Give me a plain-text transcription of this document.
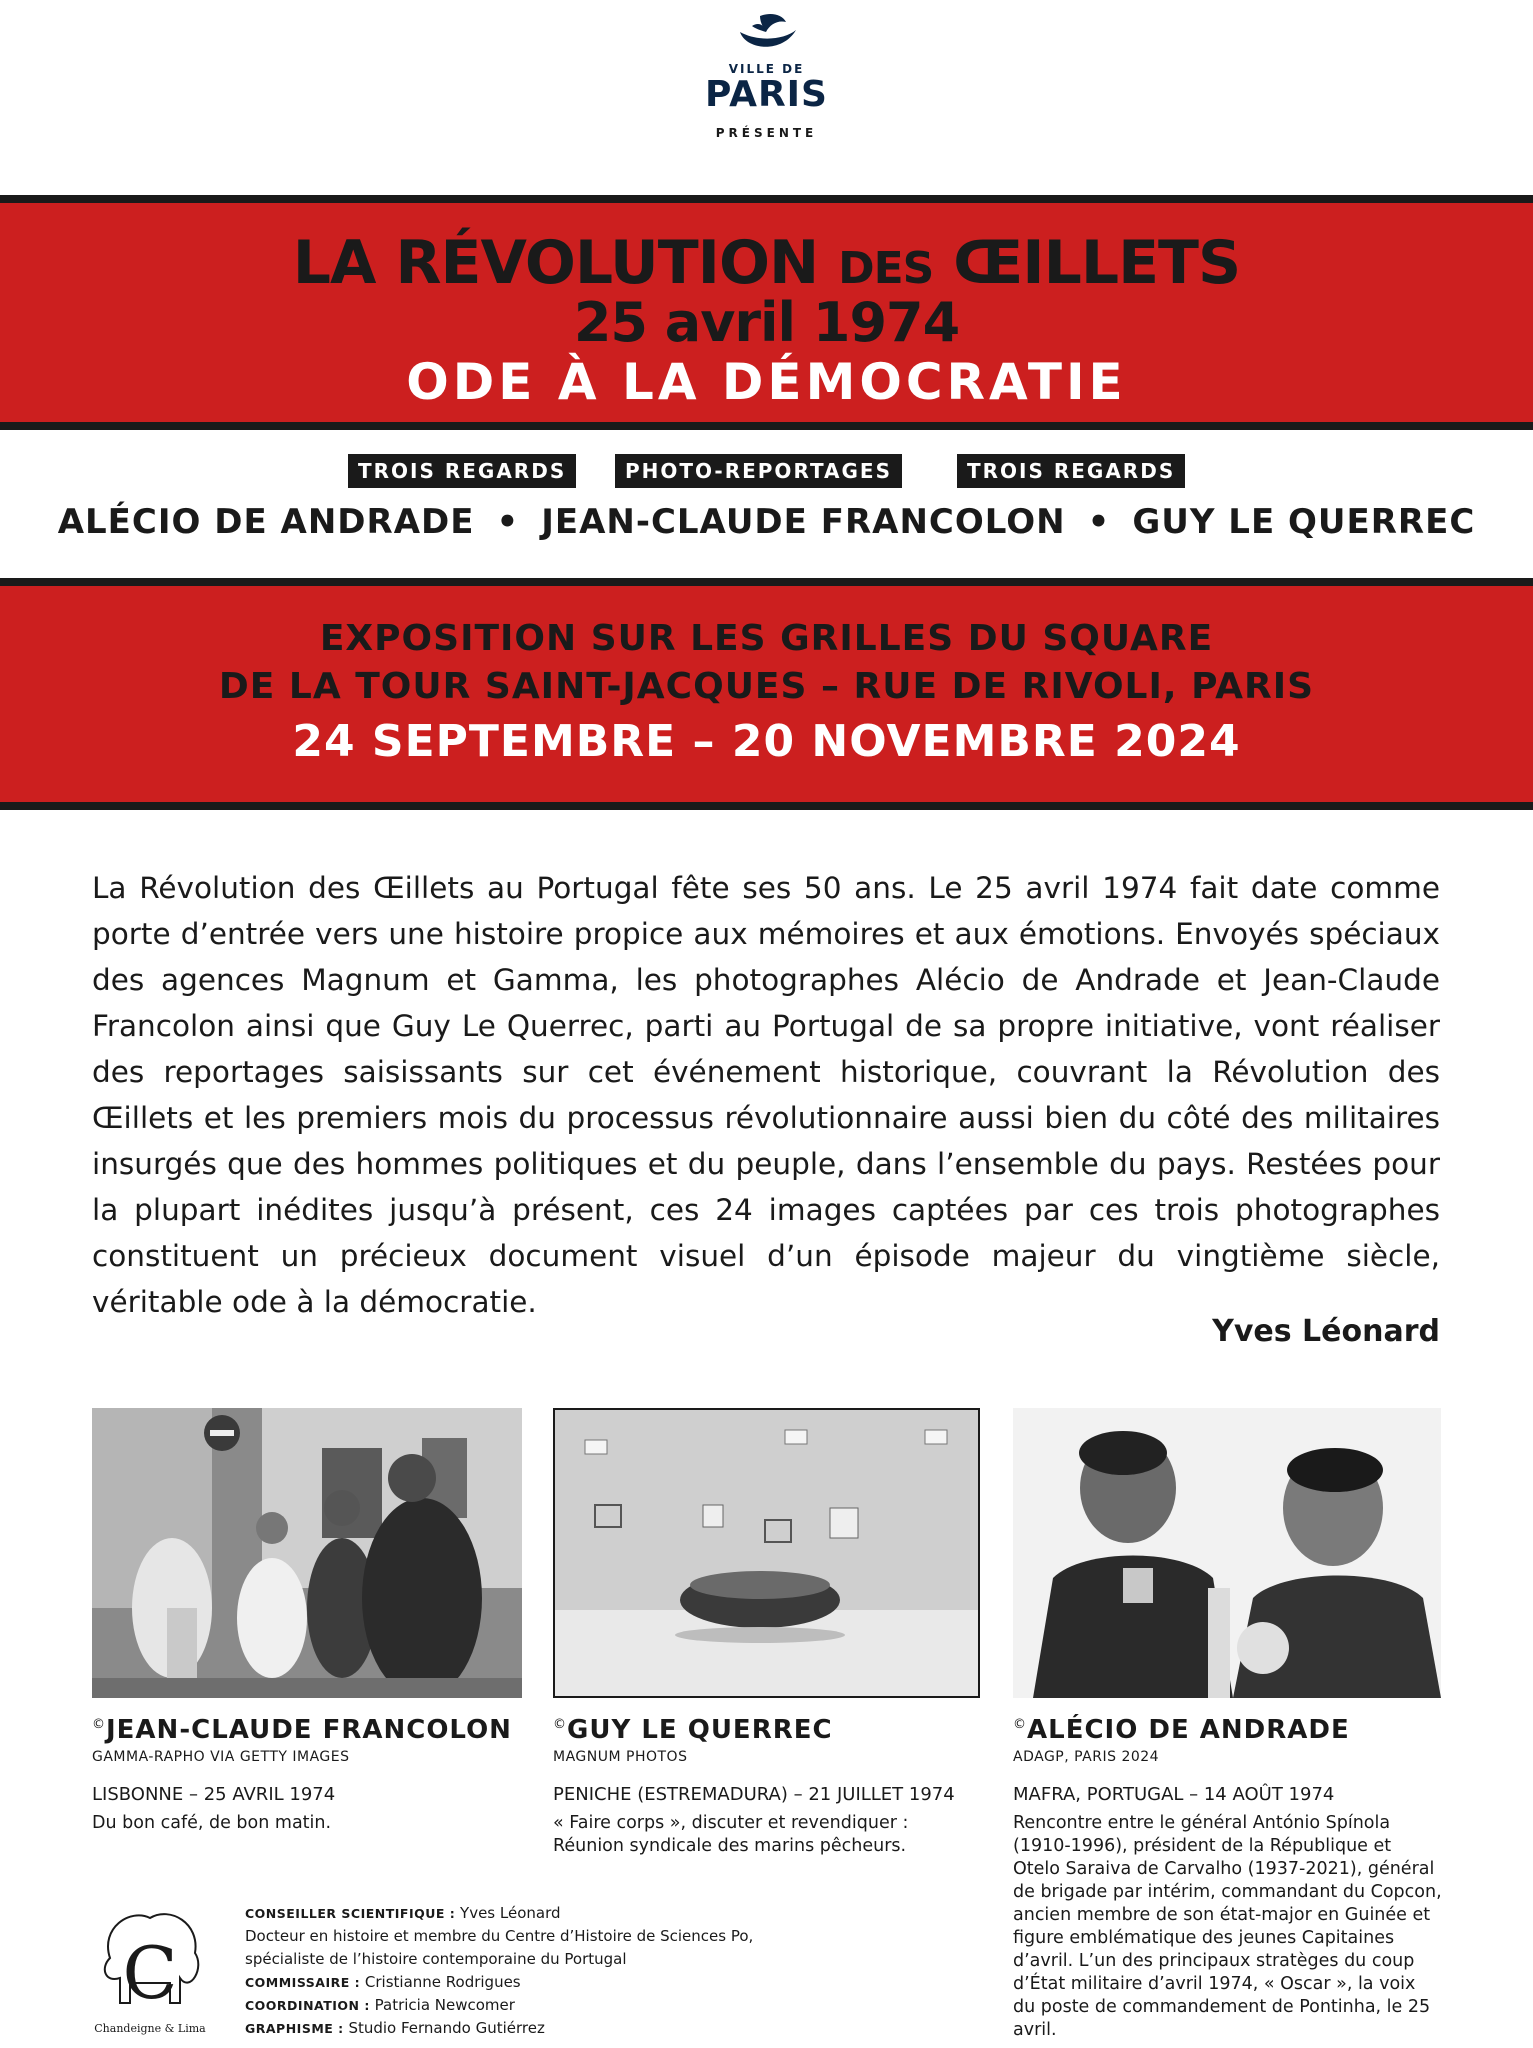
VILLE DE
PARIS
PRÉSENTE
LA RÉVOLUTION DES ŒILLETS
25 avril 1974
ODE À LA DÉMOCRATIE
TROIS REGARDS	PHOTO-REPORTAGES	TROIS REGARDS
ALÉCIO DE ANDRADE • JEAN-CLAUDE FRANCOLON • GUY LE QUERREC
EXPOSITION SUR LES GRILLES DU SQUARE
DE LA TOUR SAINT-JACQUES – RUE DE RIVOLI, PARIS
24 SEPTEMBRE – 20 NOVEMBRE 2024

La Révolution des Œillets au Portugal fête ses 50 ans. Le 25 avril 1974 fait date comme porte d’entrée vers une histoire propice aux mémoires et aux émotions. Envoyés spéciaux des agences Magnum et Gamma, les photographes Alécio de Andrade et Jean-Claude Francolon ainsi que Guy Le Querrec, parti au Portugal de sa propre initiative, vont réaliser des reportages saisissants sur cet événement historique, couvrant la Révolution des Œillets et les premiers mois du processus révolutionnaire aussi bien du côté des militaires insurgés que des hommes politiques et du peuple, dans l’ensemble du pays. Restées pour la plupart inédites jusqu’à présent, ces 24 images captées par ces trois photographes constituent un précieux document visuel d’un épisode majeur du vingtième siècle, véritable ode à la démocratie.

Yves Léonard
©JEAN-CLAUDE FRANCOLON
GAMMA-RAPHO VIA GETTY IMAGES
LISBONNE – 25 AVRIL 1974

Du bon café, de bon matin.

©GUY LE QUERREC
MAGNUM PHOTOS
PENICHE (ESTREMADURA) – 21 JUILLET 1974

« Faire corps », discuter et revendiquer : Réunion syndicale des marins pêcheurs.

©ALÉCIO DE ANDRADE
ADAGP, PARIS 2024
MAFRA, PORTUGAL – 14 AOÛT 1974

Rencontre entre le général António Spínola (1910-1996), président de la République et Otelo Saraiva de Carvalho (1937-2021), général de brigade par intérim, commandant du Copcon, ancien membre de son état-major en Guinée et figure emblématique des jeunes Capitaines d’avril. L’un des principaux stratèges du coup d’État militaire d’avril 1974, « Oscar », la voix du poste de commandement de Pontinha, le 25 avril.

C
Chandeigne & Lima
CONSEILLER SCIENTIFIQUE : Yves Léonard
Docteur en histoire et membre du Centre d’Histoire de Sciences Po,
spécialiste de l’histoire contemporaine du Portugal
COMMISSAIRE : Cristianne Rodrigues
COORDINATION : Patricia Newcomer
GRAPHISME : Studio Fernando Gutiérrez
